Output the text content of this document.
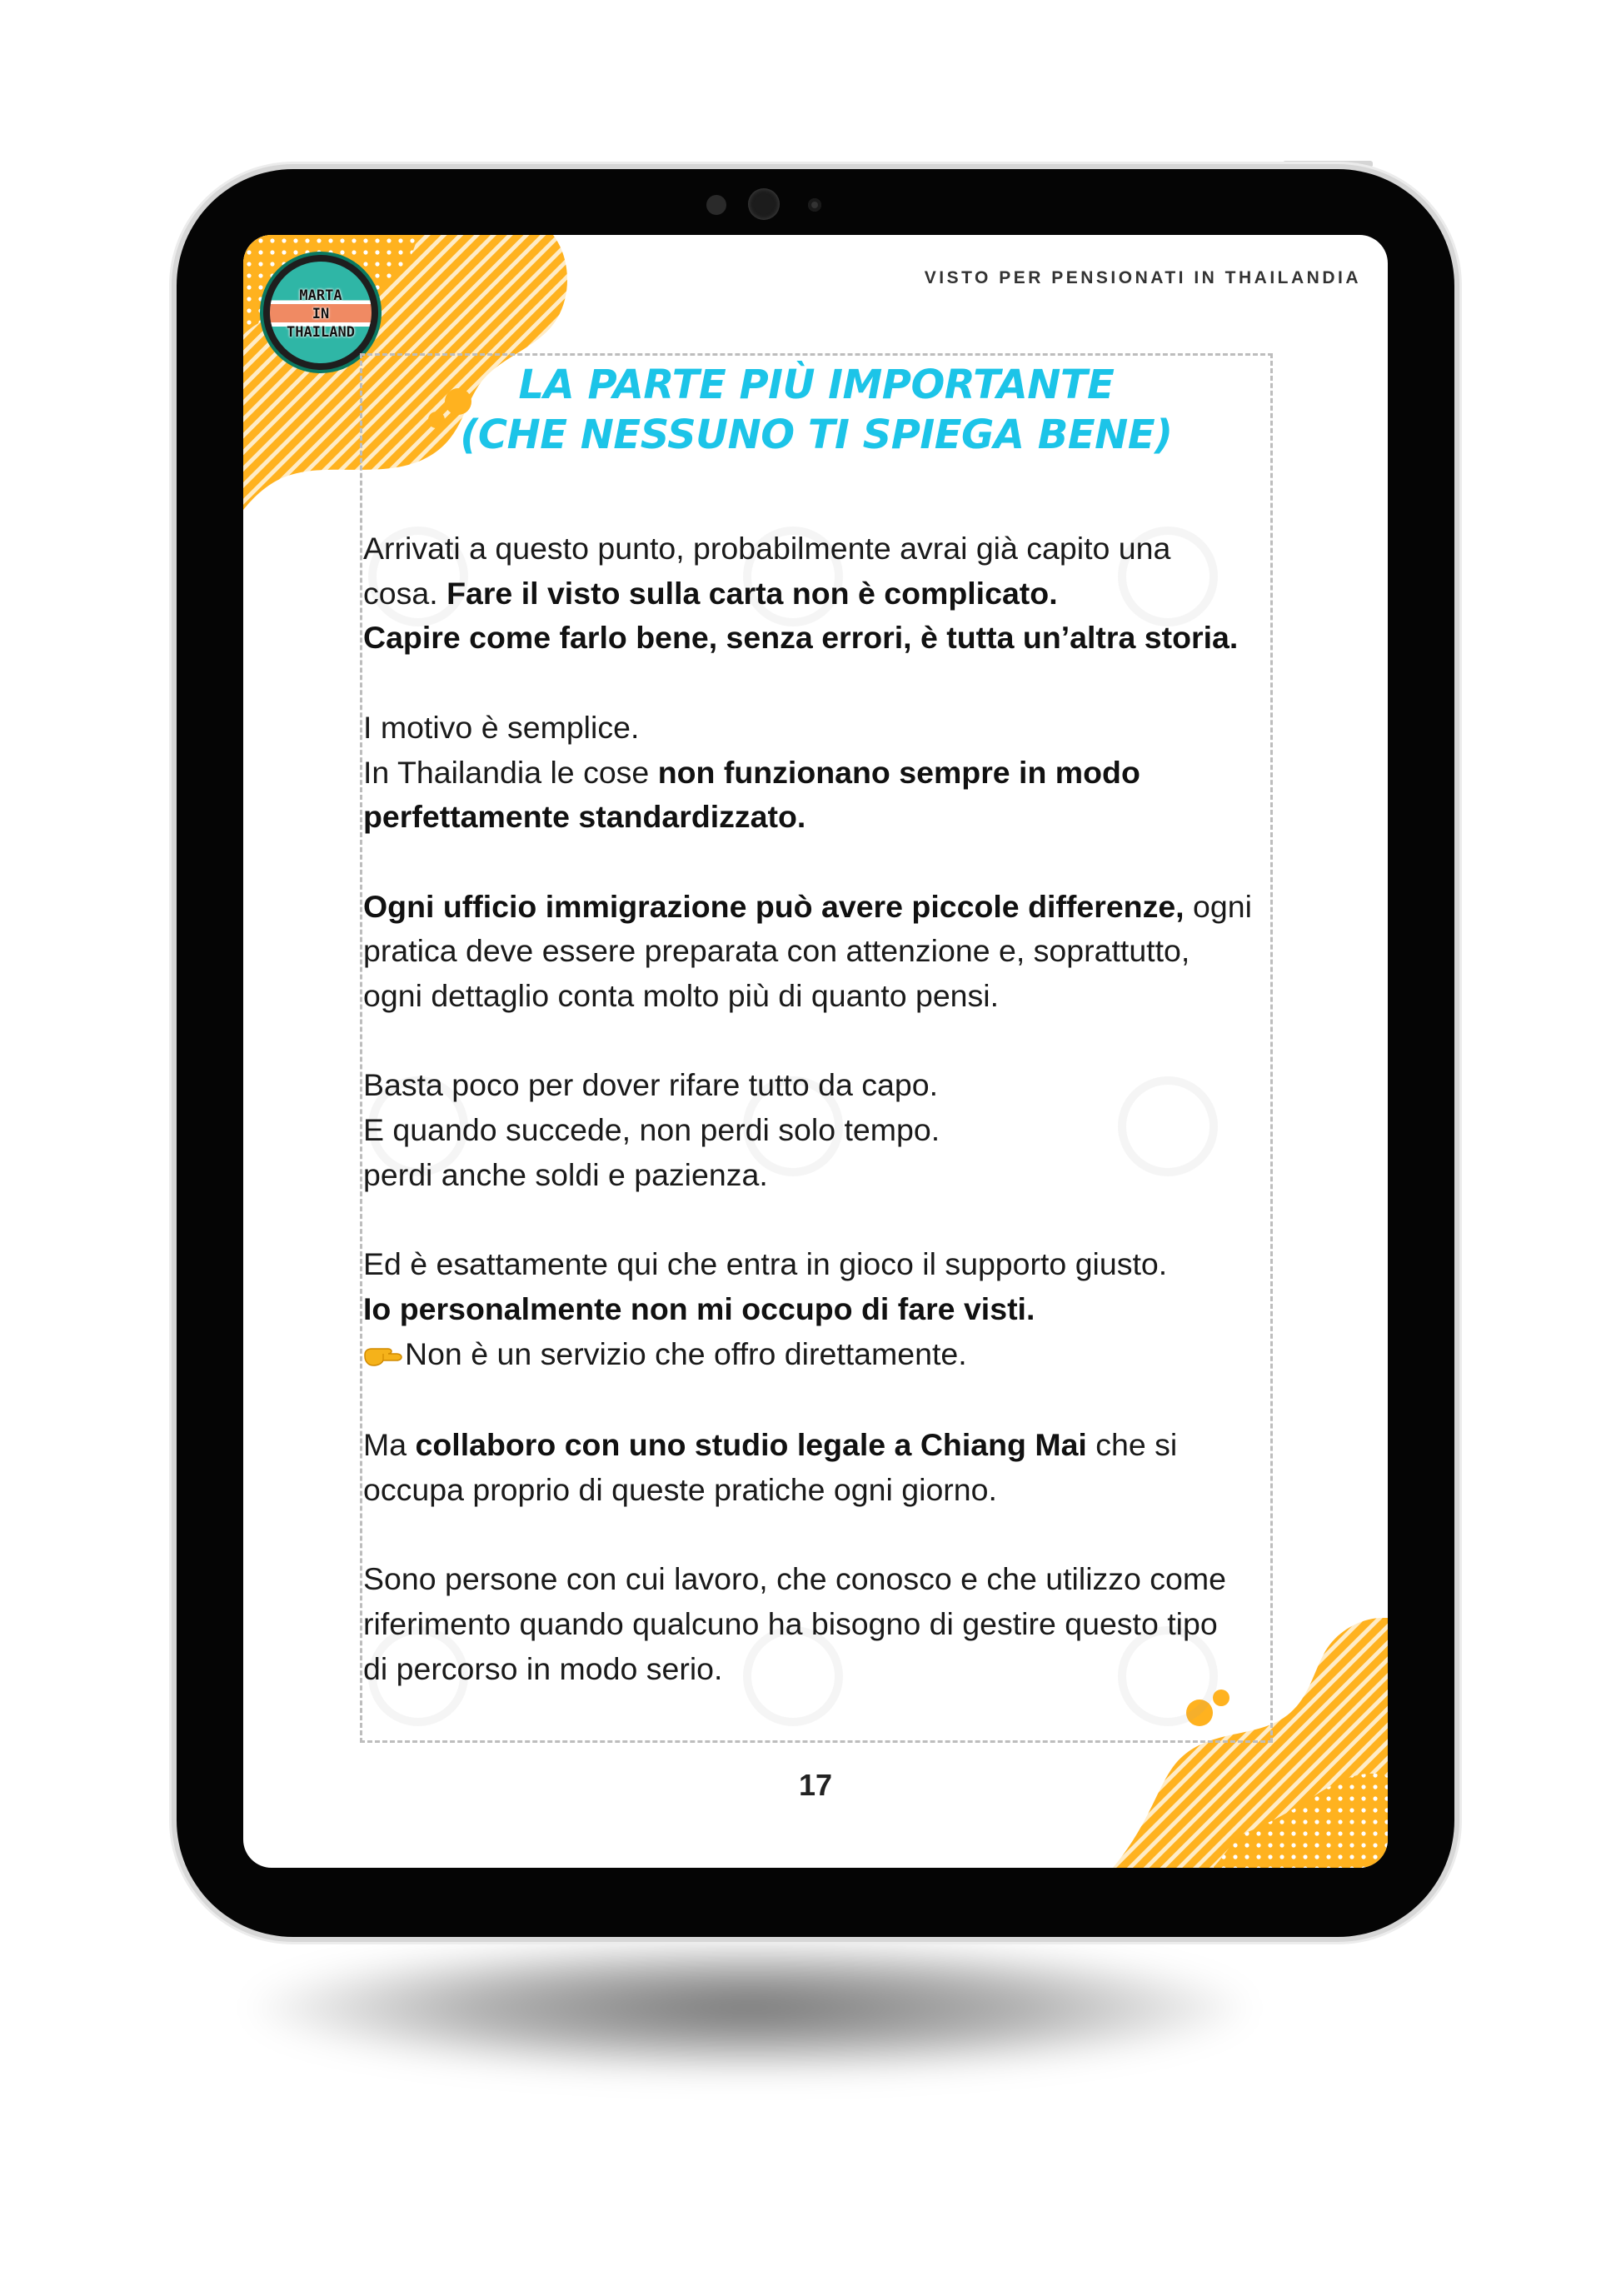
VISTO PER PENSIONATI IN THAILANDIA

MARTA
IN
THAILAND
LA PARTE PIÙ IMPORTANTE
(CHE NESSUNO TI SPIEGA BENE)

Arrivati a questo punto, probabilmente avrai già capito una
cosa. Fare il visto sulla carta non è complicato.
Capire come farlo bene, senza errori, è tutta un’altra storia.

I motivo è semplice.
In Thailandia le cose non funzionano sempre in modo
perfettamente standardizzato.

Ogni ufficio immigrazione può avere piccole differenze, ogni
pratica deve essere preparata con attenzione e, soprattutto,
ogni dettaglio conta molto più di quanto pensi.

Basta poco per dover rifare tutto da capo.
E quando succede, non perdi solo tempo.
perdi anche soldi e pazienza.

Ed è esattamente qui che entra in gioco il supporto giusto.
Io personalmente non mi occupo di fare visti.
Non è un servizio che offro direttamente.

Ma collaboro con uno studio legale a Chiang Mai che si
occupa proprio di queste pratiche ogni giorno.

Sono persone con cui lavoro, che conosco e che utilizzo come
riferimento quando qualcuno ha bisogno di gestire questo tipo
di percorso in modo serio.

17
